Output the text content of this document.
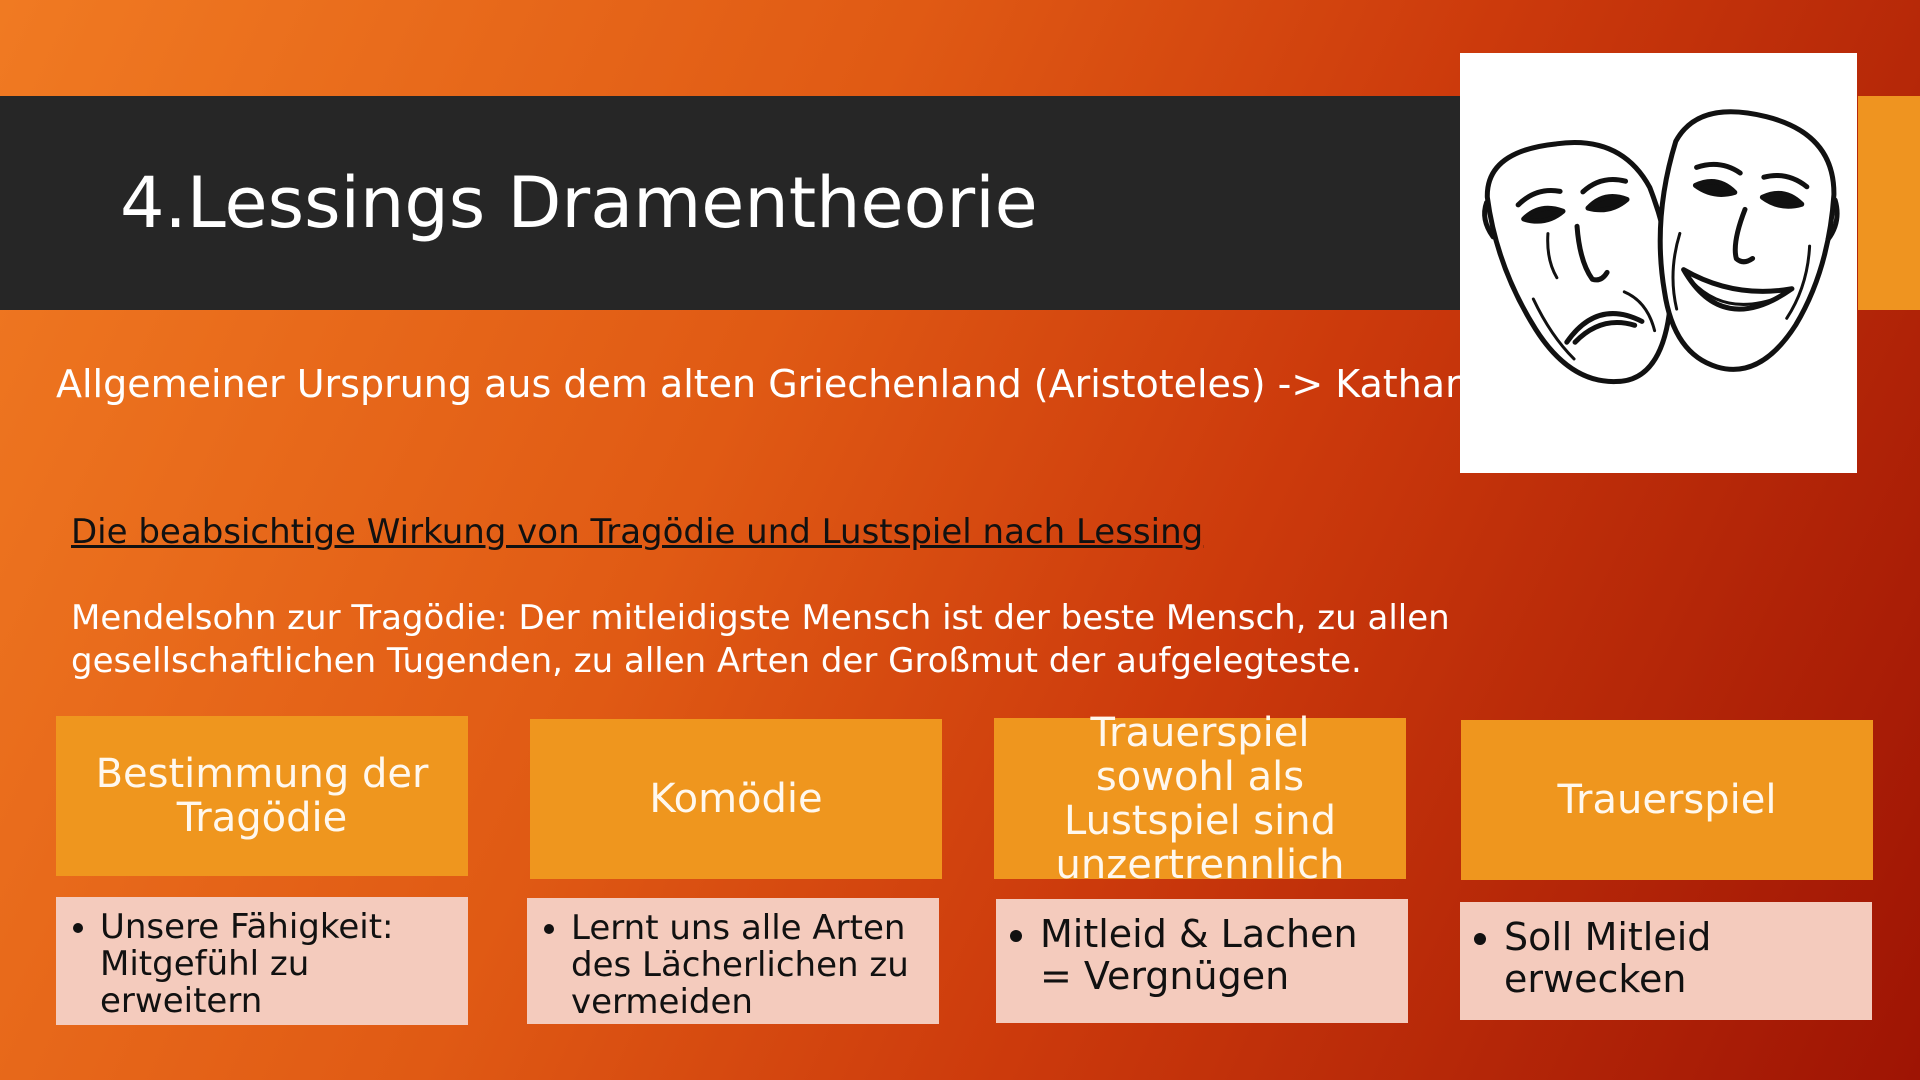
4.Lessings Dramentheorie
Allgemeiner Ursprung aus dem alten Griechenland (Aristoteles) -> Katharsis
Die beabsichtige Wirkung von Tragödie und Lustspiel nach Lessing
Mendelsohn zur Tragödie: Der mitleidigste Mensch ist der beste Mensch, zu allen gesellschaftlichen Tugenden, zu allen Arten der Großmut der aufgelegteste.
Bestimmung der Tragödie
• Unsere Fähigkeit: Mitgefühl zu erweitern
Komödie
• Lernt uns alle Arten des Lächerlichen zu vermeiden
Trauerspiel sowohl als Lustspiel sind unzertrennlich
• Mitleid & Lachen = Vergnügen
Trauerspiel
• Soll Mitleid erwecken
